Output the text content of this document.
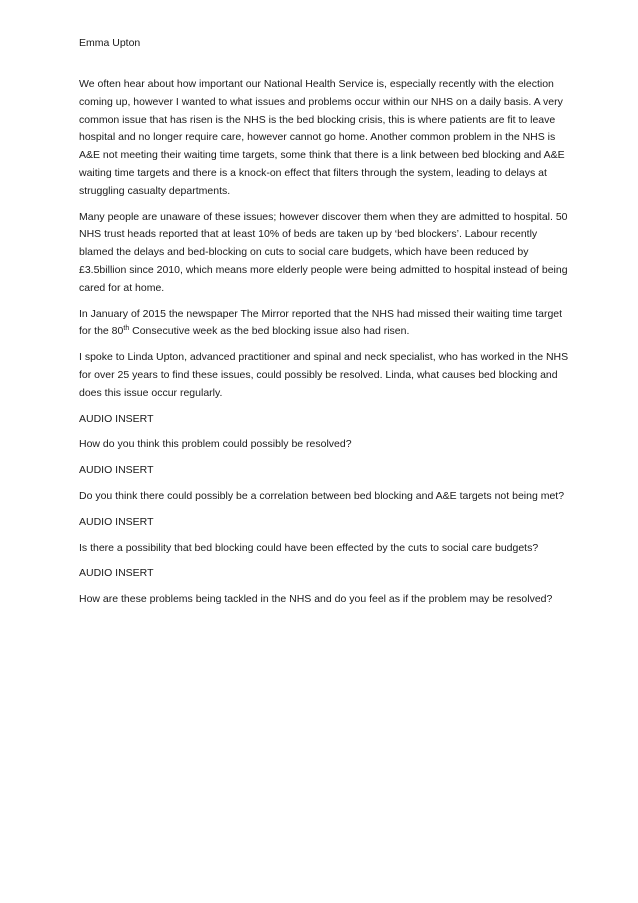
Emma Upton

We often hear about how important our National Health Service is, especially recently with the election coming up, however I wanted to what issues and problems occur within our NHS on a daily basis. A very common issue that has risen is the NHS is the bed blocking crisis, this is where patients are fit to leave hospital and no longer require care, however cannot go home. Another common problem in the NHS is A&E not meeting their waiting time targets, some think that there is a link between bed blocking and A&E waiting time targets and there is a knock-on effect that filters through the system, leading to delays at struggling casualty departments.

Many people are unaware of these issues; however discover them when they are admitted to hospital. 50 NHS trust heads reported that at least 10% of beds are taken up by ‘bed blockers’. Labour recently blamed the delays and bed-blocking on cuts to social care budgets, which have been reduced by £3.5billion since 2010, which means more elderly people were being admitted to hospital instead of being cared for at home.

In January of 2015 the newspaper The Mirror reported that the NHS had missed their waiting time target for the 80th Consecutive week as the bed blocking issue also had risen.

I spoke to Linda Upton, advanced practitioner and spinal and neck specialist, who has worked in the NHS for over 25 years to find these issues, could possibly be resolved. Linda, what causes bed blocking and does this issue occur regularly.

AUDIO INSERT

How do you think this problem could possibly be resolved?

AUDIO INSERT

Do you think there could possibly be a correlation between bed blocking and A&E targets not being met?

AUDIO INSERT

Is there a possibility that bed blocking could have been effected by the cuts to social care budgets?

AUDIO INSERT

How are these problems being tackled in the NHS and do you feel as if the problem may be resolved?
